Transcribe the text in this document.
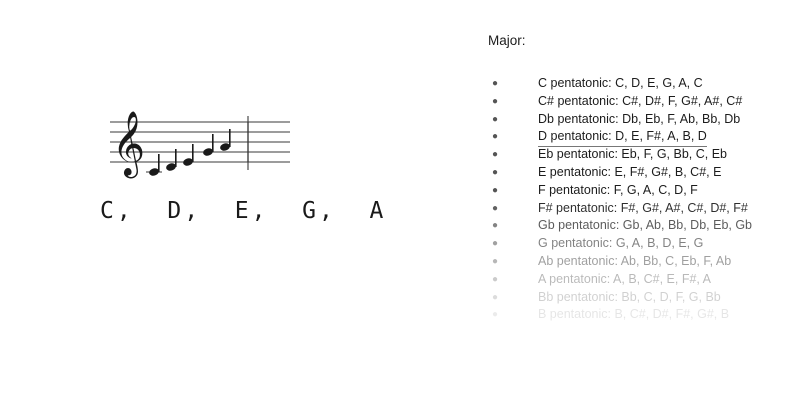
𝄞
C,  D,  E,  G,  A
Major:
●	C pentatonic: C, D, E, G, A, C
●	C# pentatonic: C#, D#, F, G#, A#, C#
●	Db pentatonic: Db, Eb, F, Ab, Bb, Db
●	D pentatonic: D, E, F#, A, B, D
●	Eb pentatonic: Eb, F, G, Bb, C, Eb
●	E pentatonic: E, F#, G#, B, C#, E
●	F pentatonic: F, G, A, C, D, F
●	F# pentatonic: F#, G#, A#, C#, D#, F#
●	Gb pentatonic: Gb, Ab, Bb, Db, Eb, Gb
●	G pentatonic: G, A, B, D, E, G
●	Ab pentatonic: Ab, Bb, C, Eb, F, Ab
●	A pentatonic: A, B, C#, E, F#, A
●	Bb pentatonic: Bb, C, D, F, G, Bb
●	B pentatonic: B, C#, D#, F#, G#, B
